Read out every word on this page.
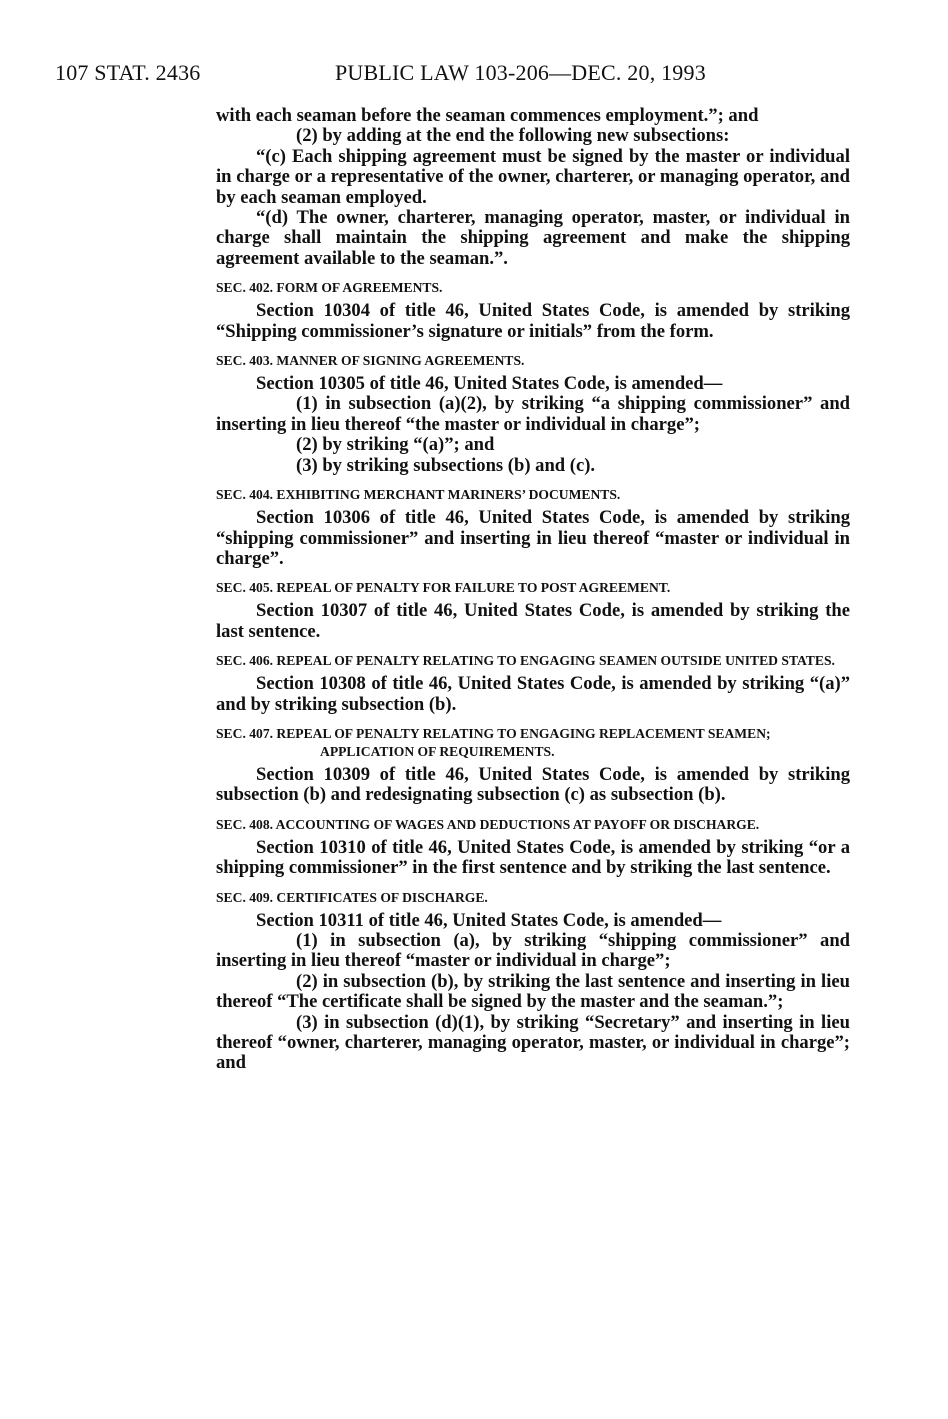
107 STAT. 2436	PUBLIC LAW 103-206—DEC. 20, 1993

with each seaman before the seaman commences employment.”; and

(2) by adding at the end the following new subsections:

“(c) Each shipping agreement must be signed by the master or individual in charge or a representative of the owner, charterer, or managing operator, and by each seaman employed.

“(d) The owner, charterer, managing operator, master, or individual in charge shall maintain the shipping agreement and make the shipping agreement available to the seaman.”.

SEC. 402. FORM OF AGREEMENTS.

Section 10304 of title 46, United States Code, is amended by striking “Shipping commissioner’s signature or initials” from the form.

SEC. 403. MANNER OF SIGNING AGREEMENTS.

Section 10305 of title 46, United States Code, is amended—

(1) in subsection (a)(2), by striking “a shipping commissioner” and inserting in lieu thereof “the master or individual in charge”;

(2) by striking “(a)”; and

(3) by striking subsections (b) and (c).

SEC. 404. EXHIBITING MERCHANT MARINERS’ DOCUMENTS.

Section 10306 of title 46, United States Code, is amended by striking “shipping commissioner” and inserting in lieu thereof “master or individual in charge”.

SEC. 405. REPEAL OF PENALTY FOR FAILURE TO POST AGREEMENT.

Section 10307 of title 46, United States Code, is amended by striking the last sentence.

SEC. 406. REPEAL OF PENALTY RELATING TO ENGAGING SEAMEN OUTSIDE UNITED STATES.

Section 10308 of title 46, United States Code, is amended by striking “(a)” and by striking subsection (b).

SEC. 407. REPEAL OF PENALTY RELATING TO ENGAGING REPLACEMENT SEAMEN; APPLICATION OF REQUIREMENTS.

Section 10309 of title 46, United States Code, is amended by striking subsection (b) and redesignating subsection (c) as subsection (b).

SEC. 408. ACCOUNTING OF WAGES AND DEDUCTIONS AT PAYOFF OR DISCHARGE.

Section 10310 of title 46, United States Code, is amended by striking “or a shipping commissioner” in the first sentence and by striking the last sentence.

SEC. 409. CERTIFICATES OF DISCHARGE.

Section 10311 of title 46, United States Code, is amended—

(1) in subsection (a), by striking “shipping commissioner” and inserting in lieu thereof “master or individual in charge”;

(2) in subsection (b), by striking the last sentence and inserting in lieu thereof “The certificate shall be signed by the master and the seaman.”;

(3) in subsection (d)(1), by striking “Secretary” and inserting in lieu thereof “owner, charterer, managing operator, master, or individual in charge”; and
